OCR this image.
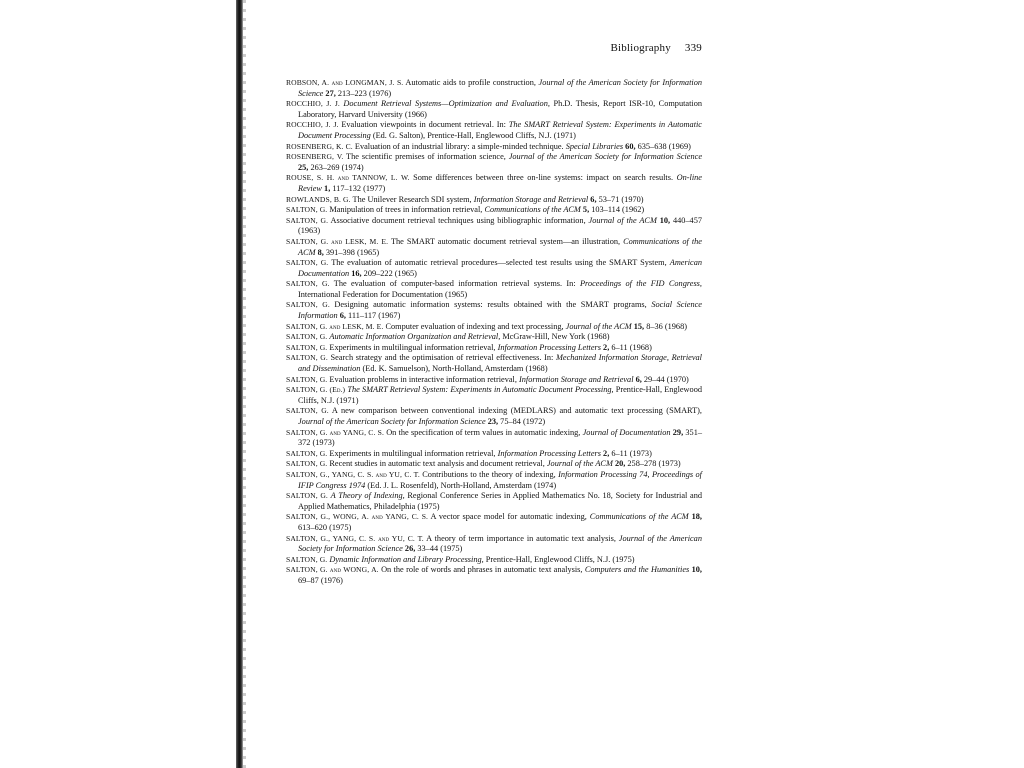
Bibliography 339
ROBSON, A. and LONGMAN, J. S. Automatic aids to profile construction, Journal of the American Society for Information Science 27, 213–223 (1976)
ROCCHIO, J. J. Document Retrieval Systems—Optimization and Evaluation, Ph.D. Thesis, Report ISR-10, Computation Laboratory, Harvard University (1966)
ROCCHIO, J. J. Evaluation viewpoints in document retrieval. In: The SMART Retrieval System: Experiments in Automatic Document Processing (Ed. G. Salton), Prentice-Hall, Englewood Cliffs, N.J. (1971)
ROSENBERG, K. C. Evaluation of an industrial library: a simple-minded technique. Special Libraries 60, 635–638 (1969)
ROSENBERG, V. The scientific premises of information science, Journal of the American Society for Information Science 25, 263–269 (1974)
ROUSE, S. H. and TANNOW, L. W. Some differences between three on-line systems: impact on search results. On-line Review 1, 117–132 (1977)
ROWLANDS, B. G. The Unilever Research SDI system, Information Storage and Retrieval 6, 53–71 (1970)
SALTON, G. Manipulation of trees in information retrieval, Communications of the ACM 5, 103–114 (1962)
SALTON, G. Associative document retrieval techniques using bibliographic information, Journal of the ACM 10, 440–457 (1963)
SALTON, G. and LESK, M. E. The SMART automatic document retrieval system—an illustration, Communications of the ACM 8, 391–398 (1965)
SALTON, G. The evaluation of automatic retrieval procedures—selected test results using the SMART System, American Documentation 16, 209–222 (1965)
SALTON, G. The evaluation of computer-based information retrieval systems. In: Proceedings of the FID Congress, International Federation for Documentation (1965)
SALTON, G. Designing automatic information systems: results obtained with the SMART programs, Social Science Information 6, 111–117 (1967)
SALTON, G. and LESK, M. E. Computer evaluation of indexing and text processing, Journal of the ACM 15, 8–36 (1968)
SALTON, G. Automatic Information Organization and Retrieval, McGraw-Hill, New York (1968)
SALTON, G. Experiments in multilingual information retrieval, Information Processing Letters 2, 6–11 (1968)
SALTON, G. Search strategy and the optimisation of retrieval effectiveness. In: Mechanized Information Storage, Retrieval and Dissemination (Ed. K. Samuelson), North-Holland, Amsterdam (1968)
SALTON, G. Evaluation problems in interactive information retrieval, Information Storage and Retrieval 6, 29–44 (1970)
SALTON, G. (Ed.) The SMART Retrieval System: Experiments in Automatic Document Processing, Prentice-Hall, Englewood Cliffs, N.J. (1971)
SALTON, G. A new comparison between conventional indexing (MEDLARS) and automatic text processing (SMART), Journal of the American Society for Information Science 23, 75–84 (1972)
SALTON, G. and YANG, C. S. On the specification of term values in automatic indexing, Journal of Documentation 29, 351–372 (1973)
SALTON, G. Experiments in multilingual information retrieval, Information Processing Letters 2, 6–11 (1973)
SALTON, G. Recent studies in automatic text analysis and document retrieval, Journal of the ACM 20, 258–278 (1973)
SALTON, G., YANG, C. S. and YU, C. T. Contributions to the theory of indexing, Information Processing 74, Proceedings of IFIP Congress 1974 (Ed. J. L. Rosenfeld), North-Holland, Amsterdam (1974)
SALTON, G. A Theory of Indexing, Regional Conference Series in Applied Mathematics No. 18, Society for Industrial and Applied Mathematics, Philadelphia (1975)
SALTON, G., WONG, A. and YANG, C. S. A vector space model for automatic indexing, Communications of the ACM 18, 613–620 (1975)
SALTON, G., YANG, C. S. and YU, C. T. A theory of term importance in automatic text analysis, Journal of the American Society for Information Science 26, 33–44 (1975)
SALTON, G. Dynamic Information and Library Processing, Prentice-Hall, Englewood Cliffs, N.J. (1975)
SALTON, G. and WONG, A. On the role of words and phrases in automatic text analysis, Computers and the Humanities 10, 69–87 (1976)
